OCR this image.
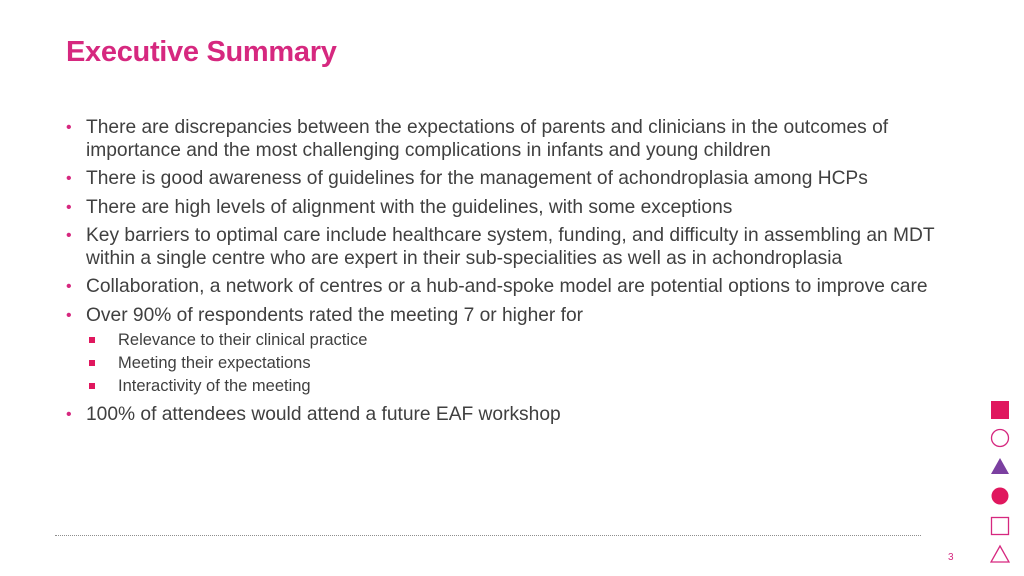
Executive Summary
• There are discrepancies between the expectations of parents and clinicians in the outcomes of importance and the most challenging complications in infants and young children
• There is good awareness of guidelines for the management of achondroplasia among HCPs
• There are high levels of alignment with the guidelines, with some exceptions
• Key barriers to optimal care include healthcare system, funding, and difficulty in assembling an MDT within a single centre who are expert in their sub-specialities as well as in achondroplasia
• Collaboration, a network of centres or a hub-and-spoke model are potential options to improve care
• Over 90% of respondents rated the meeting 7 or higher for
Relevance to their clinical practice
Meeting their expectations
Interactivity of the meeting
• 100% of attendees would attend a future EAF workshop
3
